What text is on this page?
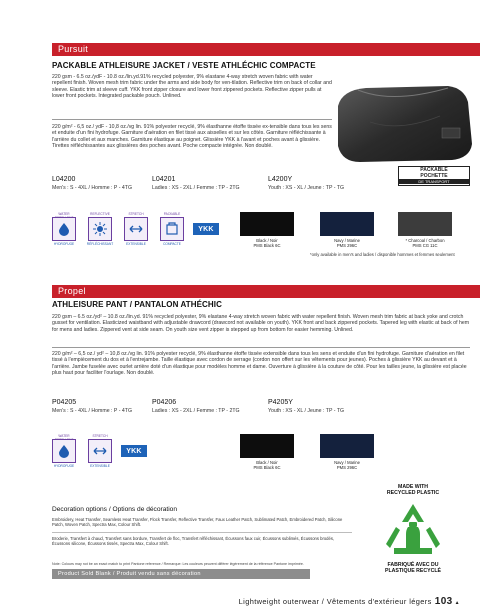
Pursuit
PACKABLE ATHLEISURE JACKET / VESTE ATHLÉCHIC COMPACTE
220 gsm - 6.5 oz./ydF - 10.8 oz./lin.yd.91% recycled polyester, 9% elastane 4-way stretch woven fabric with water repellent finish. Woven mesh trim fabric under the arms and side body for ven-tilation. Reflective trim on back of collar and sleeve. Elastic trim at sleeve cuff. YKK front zipper closure and lower front zippered pockets. Reflective zipper pulls at lower front pockets. Integrated packable pouch. Unlined.
220 g/m² - 6,5 oz./ ydF - 10,8 oz./vg lin. 91% polyester recyclé, 9% élasthanne étoffe tissée ex-tensible dans tous les sens et enduite d'un fini hydrofuge. Garniture d'aération en filet tissé aux aisselles et sur les côtés. Garniture réfléchissante à l'arrière du collet et aux manches. Garniture élastique au poignet. Glissière YKK à l'avant et poches avant à glissière. Tirettes réfléchissantes aux glissières des poches avant. Poche compacte intégrée. Non doublé.
PACKABLE
POCHETTE
DE TRANSPORT
L04200
Men's : S - 4XL / Homme : P - 4TG
L04201
Ladies : XS - 2XL / Femme : TP - 2TG
L4200Y
Youth : XS - XL / Jeune : TP - TG
WATER
HYDROFUGE
REFLECTIVE
RÉFLÉCHISSANT
STRETCH
EXTENSIBLE
PACKABLE
COMPACTE
YKK
Black / Noir
PMS Black 6C
Navy / Marine
PMS 296C
* Charcoal / Charbon
PMS CG 11C
*only available in men's and ladies / disponible hommes et femmes seulement
Propel
ATHLEISURE PANT / PANTALON ATHÉCHIC
220 gsm – 6.5 oz./yd² – 10.8 oz./lin.yd. 91% recycled polyester, 9% elastane 4-way stretch woven fabric with water repellent finish. Woven mesh trim fabric at back yoke and crotch gusset for ventilation. Elasticized waistband with adjustable drawcord (drawcord not available on youth). YKK front and back zippered pockets. Tapered leg with elastic at back of hem for mens and ladies. Zippered vent at side seam. On youth size vent zipper is stepped up from bottom for easier hemming. Unlined.
220 g/m² – 6,5 oz./ yd² – 10,8 oz./vg lin. 91% polyester recyclé, 9% élasthanne étoffe tissée extensible dans tous les sens et enduite d'un fini hydrofuge. Garniture d'aération en filet tissé à l'empiècement du dos et à l'entrejambe. Taille élastique avec cordon de serrage (cordon non offert sur les vêtements pour jeunes). Poches à glissière YKK au devant et à l'arrière. Jambe fuselée avec ourlet arrière doté d'un élastique pour modèles homme et dame. Ouverture à glissière à la couture de côté. Pour les tailles jeune, la glissière est placée plus haut pour faciliter l'ourlage. Non doublé.
P04205
Men's : S - 4XL / Homme : P - 4TG
P04206
Ladies : XS - 2XL / Femme : TP - 2TG
P4205Y
Youth : XS - XL / Jeune : TP - TG
WATER
HYDROFUGE
STRETCH
EXTENSIBLE
YKK
Black / Noir
PMS Black 6C
Navy / Marine
PMS 296C
MADE WITH
RECYCLED PLASTIC
FABRIQUÉ AVEC DU
PLASTIQUE RECYCLÉ
Decoration options / Options de décoration
Embroidery, Heat Transfer, Seamless Heat Transfer, Flock Transfer, Reflective Transfer, Faux Leather Patch, Sublimated Patch, Embroidered Patch, Silicone Patch, Woven Patch, Spectra Max, Colour Shift.
Broderie, Transfert à chaud, Transfert sans bordure, Transfert de floc, Transfert réfléchissant, Écussons faux cuir, Écussons sublimés, Écussons brodés, Écussons silicone, Écussons tissés, Spectra Max, Colour Shift.
Note: Colours may not be an exact match to print Pantone reference / Remarque: Les couleurs peuvent différer légèrement de la référence Pantone imprimée.
Product Sold Blank / Produit vendu sans décoration
Lightweight outerwear / Vêtements d'extérieur légers 103 ▲
